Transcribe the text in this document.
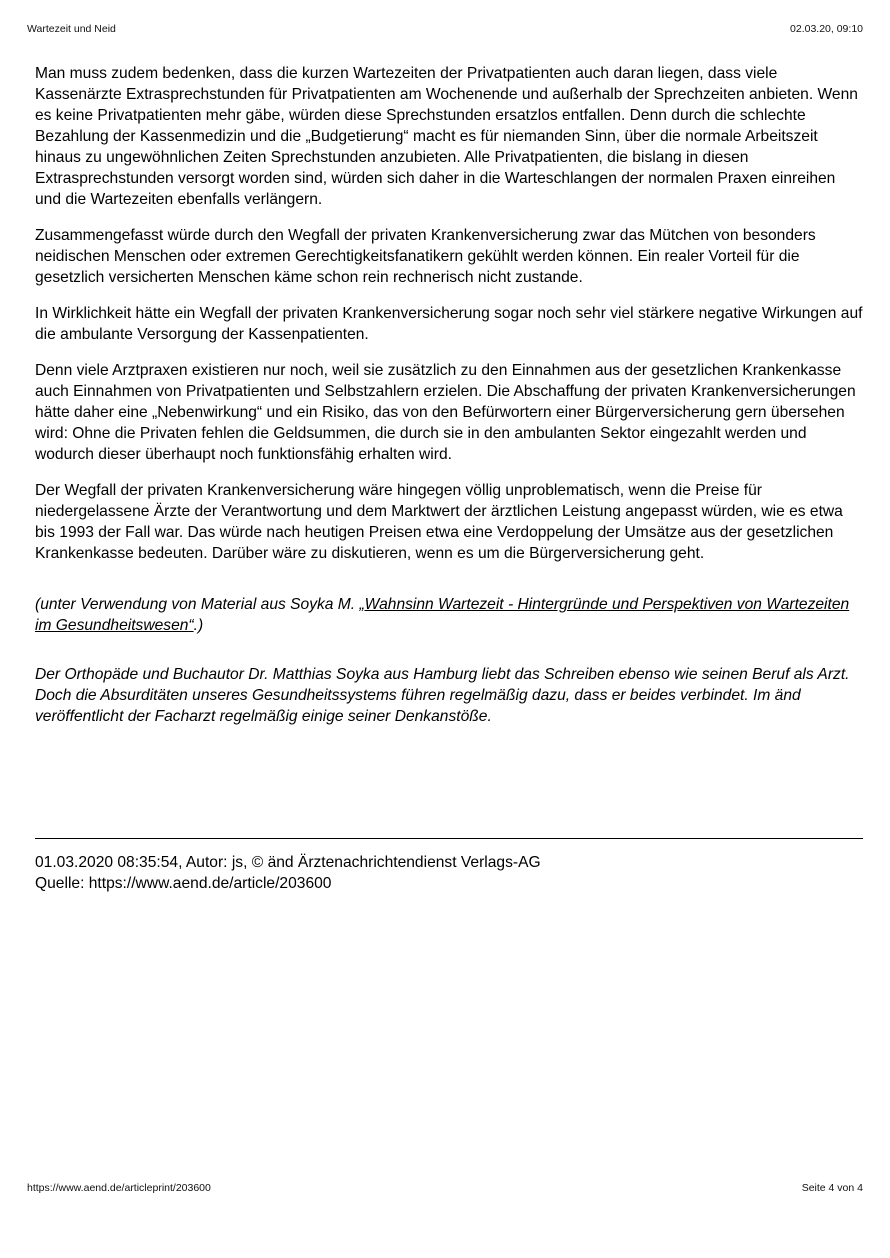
Wartezeit und Neid	02.03.20, 09:10

Man muss zudem bedenken, dass die kurzen Wartezeiten der Privatpatienten auch daran liegen, dass viele Kassenärzte Extrasprechstunden für Privatpatienten am Wochenende und außerhalb der Sprechzeiten anbieten. Wenn es keine Privatpatienten mehr gäbe, würden diese Sprechstunden ersatzlos entfallen. Denn durch die schlechte Bezahlung der Kassenmedizin und die „Budgetierung“ macht es für niemanden Sinn, über die normale Arbeitszeit hinaus zu ungewöhnlichen Zeiten Sprechstunden anzubieten. Alle Privatpatienten, die bislang in diesen Extrasprechstunden versorgt worden sind, würden sich daher in die Warteschlangen der normalen Praxen einreihen und die Wartezeiten ebenfalls verlängern.

Zusammengefasst würde durch den Wegfall der privaten Krankenversicherung zwar das Mütchen von besonders neidischen Menschen oder extremen Gerechtigkeitsfanatikern gekühlt werden können. Ein realer Vorteil für die gesetzlich versicherten Menschen käme schon rein rechnerisch nicht zustande.

In Wirklichkeit hätte ein Wegfall der privaten Krankenversicherung sogar noch sehr viel stärkere negative Wirkungen auf die ambulante Versorgung der Kassenpatienten.

Denn viele Arztpraxen existieren nur noch, weil sie zusätzlich zu den Einnahmen aus der gesetzlichen Krankenkasse auch Einnahmen von Privatpatienten und Selbstzahlern erzielen. Die Abschaffung der privaten Krankenversicherungen hätte daher eine „Nebenwirkung“ und ein Risiko, das von den Befürwortern einer Bürgerversicherung gern übersehen wird: Ohne die Privaten fehlen die Geldsummen, die durch sie in den ambulanten Sektor eingezahlt werden und wodurch dieser überhaupt noch funktionsfähig erhalten wird.

Der Wegfall der privaten Krankenversicherung wäre hingegen völlig unproblematisch, wenn die Preise für niedergelassene Ärzte der Verantwortung und dem Marktwert der ärztlichen Leistung angepasst würden, wie es etwa bis 1993 der Fall war. Das würde nach heutigen Preisen etwa eine Verdoppelung der Umsätze aus der gesetzlichen Krankenkasse bedeuten. Darüber wäre zu diskutieren, wenn es um die Bürgerversicherung geht.

(unter Verwendung von Material aus Soyka M. „Wahnsinn Wartezeit - Hintergründe und Perspektiven von Wartezeiten im Gesundheitswesen“.)

Der Orthopäde und Buchautor Dr. Matthias Soyka aus Hamburg liebt das Schreiben ebenso wie seinen Beruf als Arzt. Doch die Absurditäten unseres Gesundheitssystems führen regelmäßig dazu, dass er beides verbindet. Im änd veröffentlicht der Facharzt regelmäßig einige seiner Denkanstöße.

01.03.2020 08:35:54, Autor: js, © änd Ärztenachrichtendienst Verlags-AG
Quelle: https://www.aend.de/article/203600
https://www.aend.de/articleprint/203600	Seite 4 von 4
